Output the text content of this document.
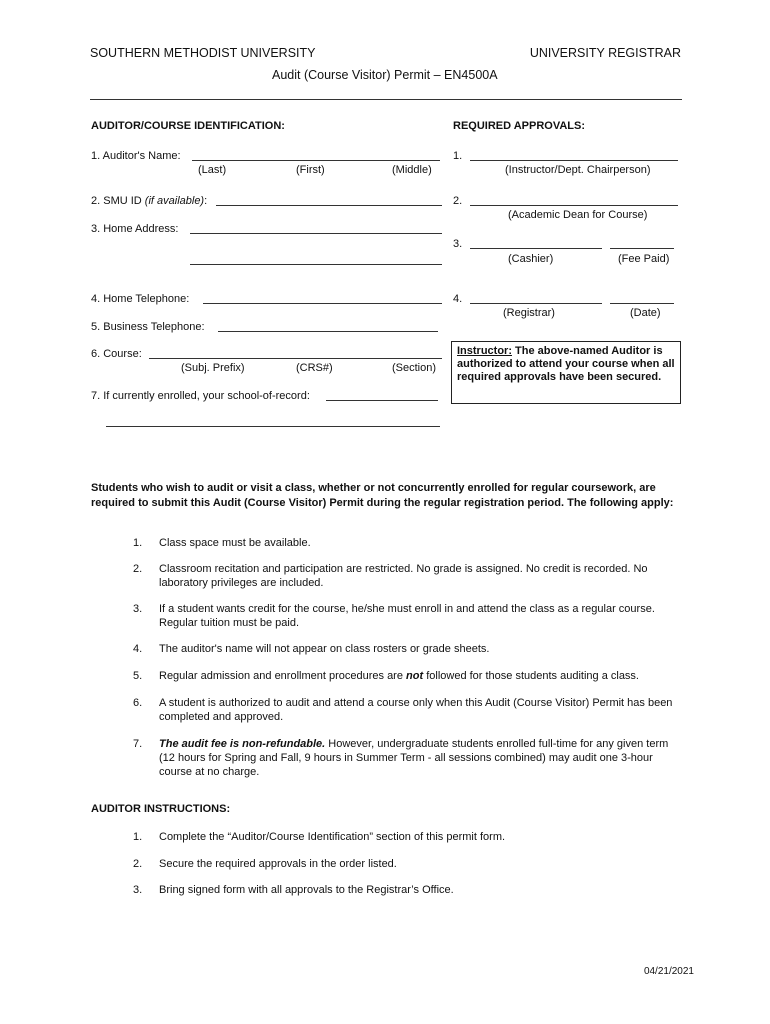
SOUTHERN METHODIST UNIVERSITY	UNIVERSITY REGISTRAR
Audit (Course Visitor) Permit – EN4500A
AUDITOR/COURSE IDENTIFICATION:
1. Auditor's Name:
(Last)	(First)	(Middle)
2. SMU ID (if available):
3. Home Address:
4. Home Telephone:
5. Business Telephone:
6. Course:
(Subj. Prefix)	(CRS#)	(Section)
7. If currently enrolled, your school-of-record:
REQUIRED APPROVALS:
1.
(Instructor/Dept. Chairperson)
2.
(Academic Dean for Course)
3.
(Cashier)	(Fee Paid)
4.
(Registrar)	(Date)
Instructor: The above-named Auditor is authorized to attend your course when all required approvals have been secured.
Students who wish to audit or visit a class, whether or not concurrently enrolled for regular coursework, are required to submit this Audit (Course Visitor) Permit during the regular registration period. The following apply:
1.	Class space must be available.
2.	Classroom recitation and participation are restricted. No grade is assigned. No credit is recorded. No laboratory privileges are included.
3.	If a student wants credit for the course, he/she must enroll in and attend the class as a regular course. Regular tuition must be paid.
4.	The auditor's name will not appear on class rosters or grade sheets.
5.	Regular admission and enrollment procedures are not followed for those students auditing a class.
6.	A student is authorized to audit and attend a course only when this Audit (Course Visitor) Permit has been completed and approved.
7.	The audit fee is non-refundable. However, undergraduate students enrolled full-time for any given term (12 hours for Spring and Fall, 9 hours in Summer Term - all sessions combined) may audit one 3-hour course at no charge.
AUDITOR INSTRUCTIONS:
1.	Complete the “Auditor/Course Identification” section of this permit form.
2.	Secure the required approvals in the order listed.
3.	Bring signed form with all approvals to the Registrar’s Office.
04/21/2021
